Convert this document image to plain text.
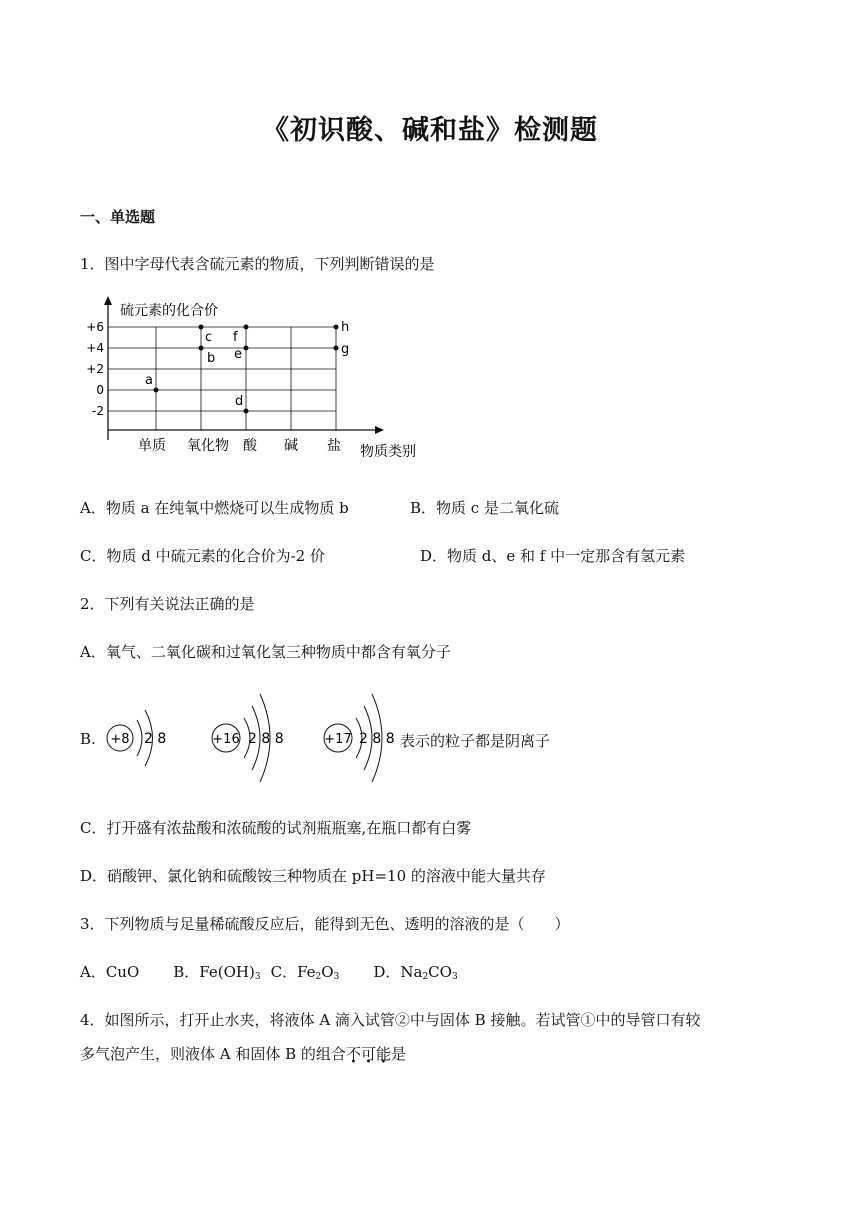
《初识酸、碱和盐》检测题
一、单选题
1．图中字母代表含硫元素的物质，下列判断错误的是
硫元素的化合价
物质类别
+6
+4
+2
0
-2
单质 氧化物 酸 碱 盐
a
b
c
d
e
f
g
h
A．物质 a 在纯氧中燃烧可以生成物质 b	B．物质 c 是二氧化硫
C．物质 d 中硫元素的化合价为-2 价	D．物质 d、e 和 f 中一定那含有氢元素
2．下列有关说法正确的是
A．氧气、二氧化碳和过氧化氢三种物质中都含有氧分子
B. +8 2 8	+16 2 8 8	+17 2 8 8 表示的粒子都是阴离子
C．打开盛有浓盐酸和浓硫酸的试剂瓶瓶塞,在瓶口都有白雾
D．硝酸钾、氯化钠和硫酸铵三种物质在 pH=10 的溶液中能大量共存
3．下列物质与足量稀硫酸反应后，能得到无色、透明的溶液的是（　　）
A．CuO B．$Fe(OH)_3$ C．$Fe_2O_3$ D．$Na_2CO_3$
4．如图所示，打开止水夹，将液体 A 滴入试管②中与固体 B 接触。若试管①中的导管口有较
多气泡产生，则液体 A 和固体 B 的组合不可能是
